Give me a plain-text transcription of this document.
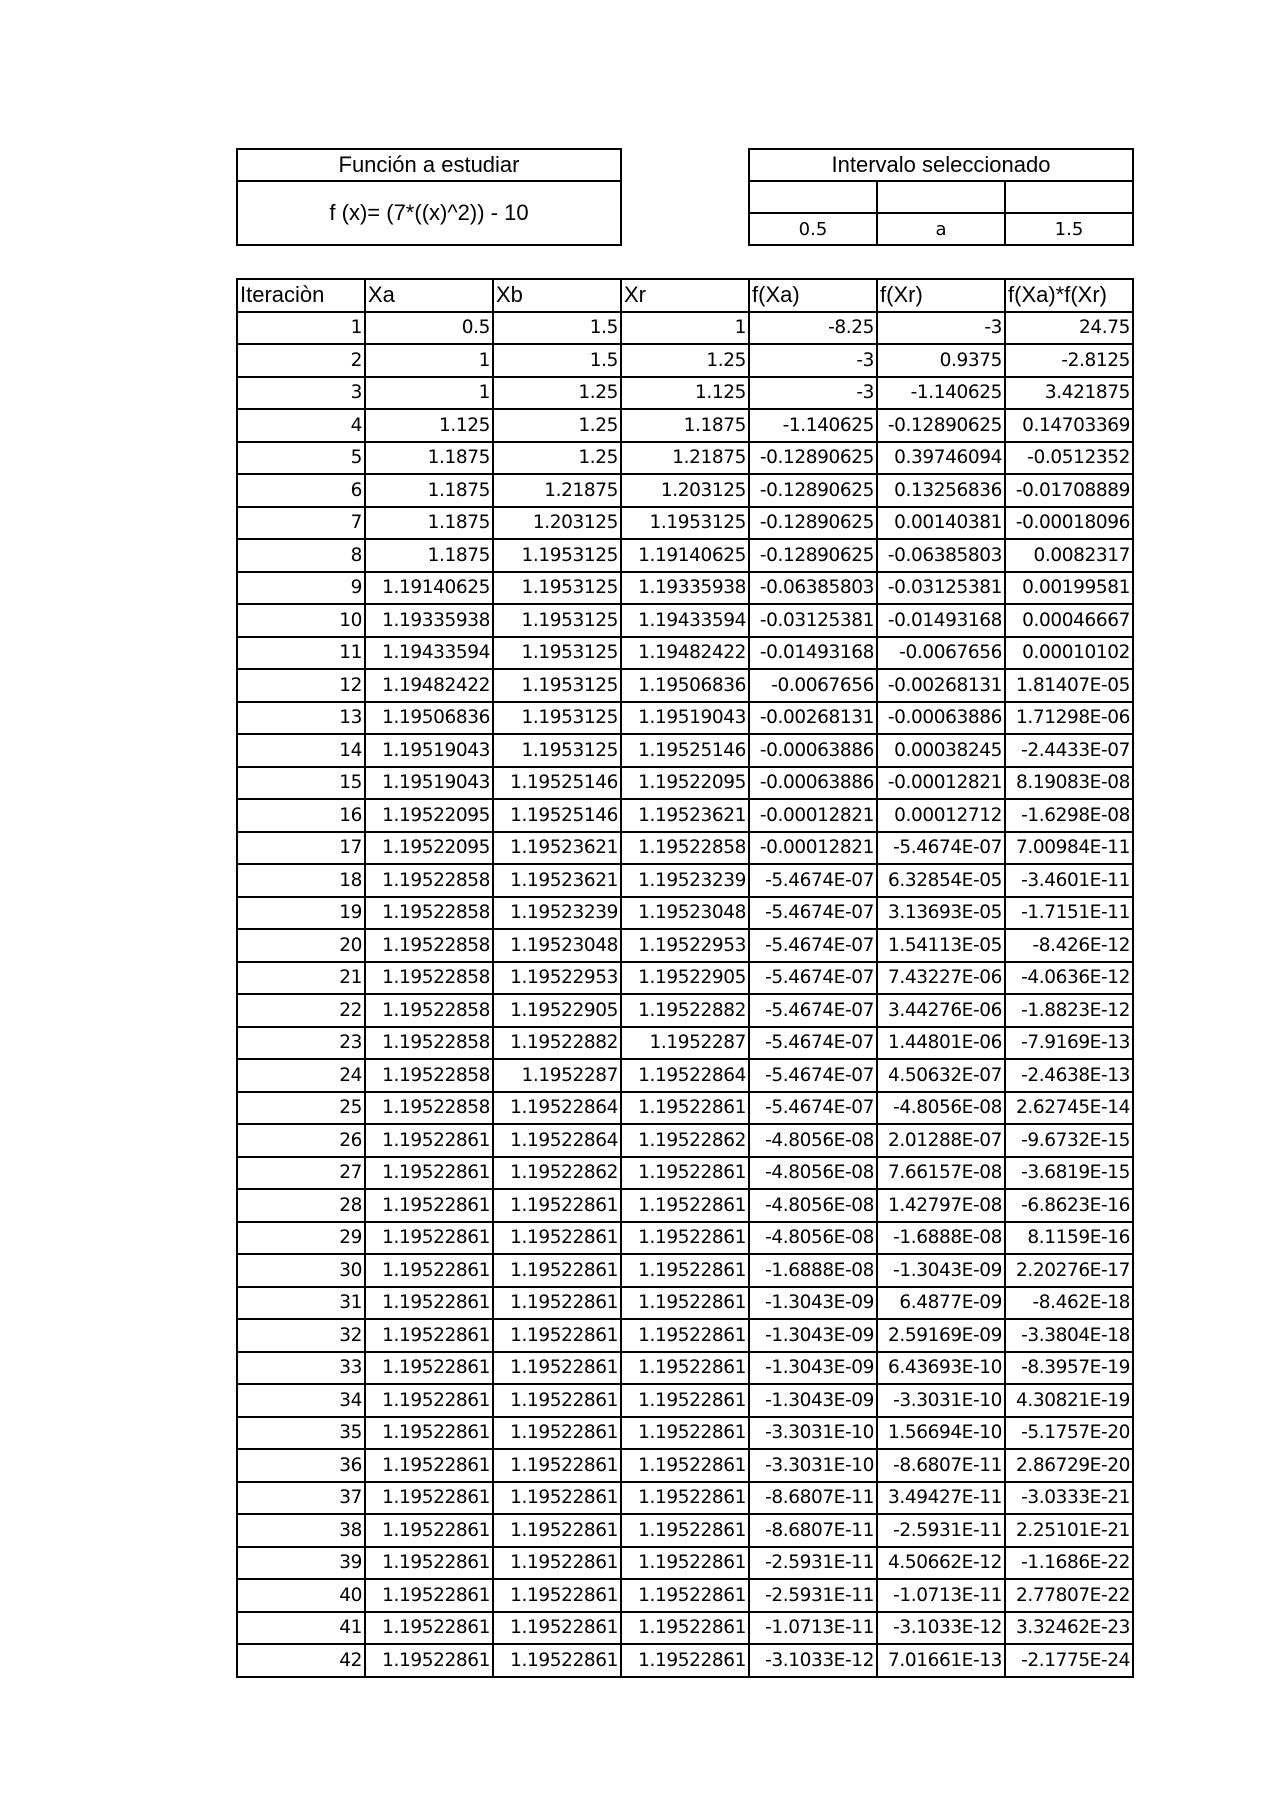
Función a estudiar
f (x)= (7*((x)^2)) - 10
Intervalo seleccionado		

0.5	a	1.5
Iteraciòn	Xa	Xb	Xr	f(Xa)	f(Xr)	f(Xa)*f(Xr)
1	0.5	1.5	1	-8.25	-3	24.75
2	1	1.5	1.25	-3	0.9375	-2.8125
3	1	1.25	1.125	-3	-1.140625	3.421875
4	1.125	1.25	1.1875	-1.140625	-0.12890625	0.14703369
5	1.1875	1.25	1.21875	-0.12890625	0.39746094	-0.0512352
6	1.1875	1.21875	1.203125	-0.12890625	0.13256836	-0.01708889
7	1.1875	1.203125	1.1953125	-0.12890625	0.00140381	-0.00018096
8	1.1875	1.1953125	1.19140625	-0.12890625	-0.06385803	0.0082317
9	1.19140625	1.1953125	1.19335938	-0.06385803	-0.03125381	0.00199581
10	1.19335938	1.1953125	1.19433594	-0.03125381	-0.01493168	0.00046667
11	1.19433594	1.1953125	1.19482422	-0.01493168	-0.0067656	0.00010102
12	1.19482422	1.1953125	1.19506836	-0.0067656	-0.00268131	1.81407E-05
13	1.19506836	1.1953125	1.19519043	-0.00268131	-0.00063886	1.71298E-06
14	1.19519043	1.1953125	1.19525146	-0.00063886	0.00038245	-2.4433E-07
15	1.19519043	1.19525146	1.19522095	-0.00063886	-0.00012821	8.19083E-08
16	1.19522095	1.19525146	1.19523621	-0.00012821	0.00012712	-1.6298E-08
17	1.19522095	1.19523621	1.19522858	-0.00012821	-5.4674E-07	7.00984E-11
18	1.19522858	1.19523621	1.19523239	-5.4674E-07	6.32854E-05	-3.4601E-11
19	1.19522858	1.19523239	1.19523048	-5.4674E-07	3.13693E-05	-1.7151E-11
20	1.19522858	1.19523048	1.19522953	-5.4674E-07	1.54113E-05	-8.426E-12
21	1.19522858	1.19522953	1.19522905	-5.4674E-07	7.43227E-06	-4.0636E-12
22	1.19522858	1.19522905	1.19522882	-5.4674E-07	3.44276E-06	-1.8823E-12
23	1.19522858	1.19522882	1.1952287	-5.4674E-07	1.44801E-06	-7.9169E-13
24	1.19522858	1.1952287	1.19522864	-5.4674E-07	4.50632E-07	-2.4638E-13
25	1.19522858	1.19522864	1.19522861	-5.4674E-07	-4.8056E-08	2.62745E-14
26	1.19522861	1.19522864	1.19522862	-4.8056E-08	2.01288E-07	-9.6732E-15
27	1.19522861	1.19522862	1.19522861	-4.8056E-08	7.66157E-08	-3.6819E-15
28	1.19522861	1.19522861	1.19522861	-4.8056E-08	1.42797E-08	-6.8623E-16
29	1.19522861	1.19522861	1.19522861	-4.8056E-08	-1.6888E-08	8.1159E-16
30	1.19522861	1.19522861	1.19522861	-1.6888E-08	-1.3043E-09	2.20276E-17
31	1.19522861	1.19522861	1.19522861	-1.3043E-09	6.4877E-09	-8.462E-18
32	1.19522861	1.19522861	1.19522861	-1.3043E-09	2.59169E-09	-3.3804E-18
33	1.19522861	1.19522861	1.19522861	-1.3043E-09	6.43693E-10	-8.3957E-19
34	1.19522861	1.19522861	1.19522861	-1.3043E-09	-3.3031E-10	4.30821E-19
35	1.19522861	1.19522861	1.19522861	-3.3031E-10	1.56694E-10	-5.1757E-20
36	1.19522861	1.19522861	1.19522861	-3.3031E-10	-8.6807E-11	2.86729E-20
37	1.19522861	1.19522861	1.19522861	-8.6807E-11	3.49427E-11	-3.0333E-21
38	1.19522861	1.19522861	1.19522861	-8.6807E-11	-2.5931E-11	2.25101E-21
39	1.19522861	1.19522861	1.19522861	-2.5931E-11	4.50662E-12	-1.1686E-22
40	1.19522861	1.19522861	1.19522861	-2.5931E-11	-1.0713E-11	2.77807E-22
41	1.19522861	1.19522861	1.19522861	-1.0713E-11	-3.1033E-12	3.32462E-23
42	1.19522861	1.19522861	1.19522861	-3.1033E-12	7.01661E-13	-2.1775E-24
